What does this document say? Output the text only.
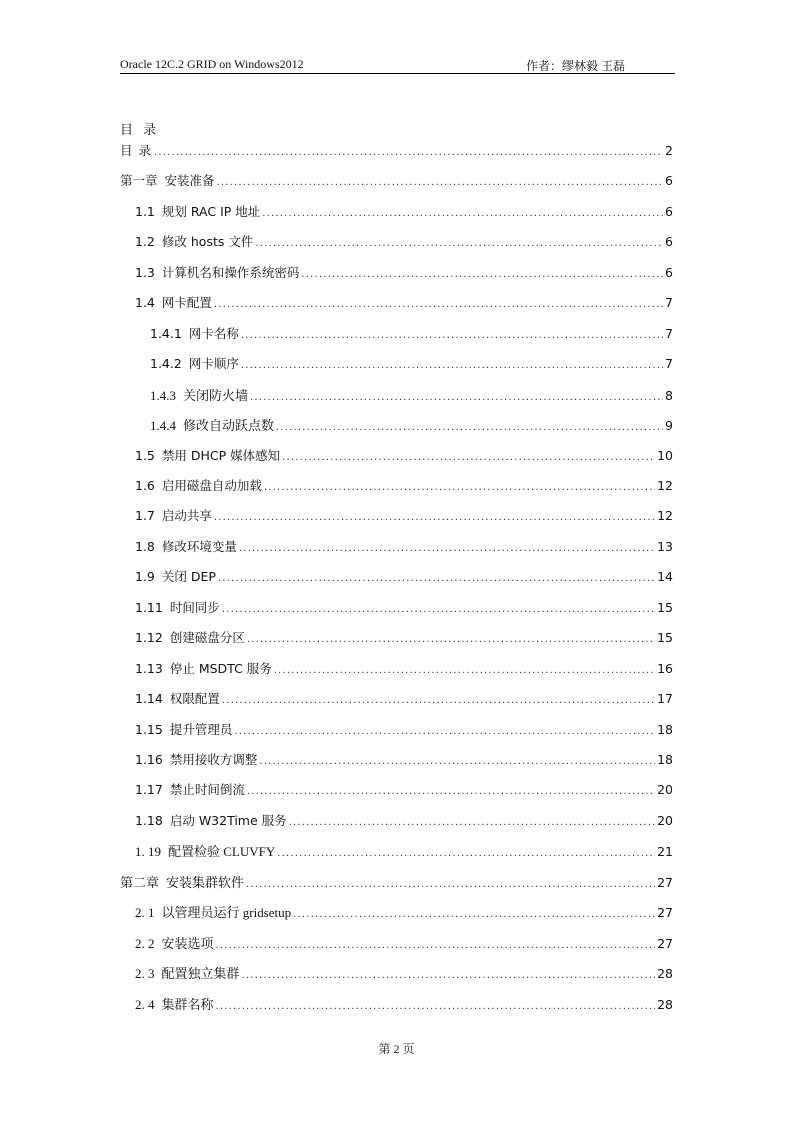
Oracle 12C.2 GRID on Windows2012	作者：缪林毅 王磊
目 录
目 录 .....	2
第一章 安装准备 .....	6
1.1 规划 RAC IP 地址 .....	6
1.2 修改 hosts 文件 .....	6
1.3 计算机名和操作系统密码 .....	6
1.4 网卡配置 .....	7
1.4.1 网卡名称 .....	7
1.4.2 网卡顺序 .....	7
1.4.3 关闭防火墙 .....	8
1.4.4 修改自动跃点数 .....	9
1.5 禁用 DHCP 媒体感知 .....	10
1.6 启用磁盘自动加载 .....	12
1.7 启动共享 .....	12
1.8 修改环境变量 .....	13
1.9 关闭 DEP .....	14
1.11 时间同步 .....	15
1.12 创建磁盘分区 .....	15
1.13 停止 MSDTC 服务 .....	16
1.14 权限配置 .....	17
1.15 提升管理员 .....	18
1.16 禁用接收方调整 .....	18
1.17 禁止时间倒流 .....	20
1.18 启动 W32Time 服务 .....	20
1. 19 配置检验 CLUVFY .....	21
第二章 安装集群软件 .....	27
2. 1 以管理员运行 gridsetup .....	27
2. 2 安装选项 .....	27
2. 3 配置独立集群 .....	28
2. 4 集群名称 .....	28
第 2 页
